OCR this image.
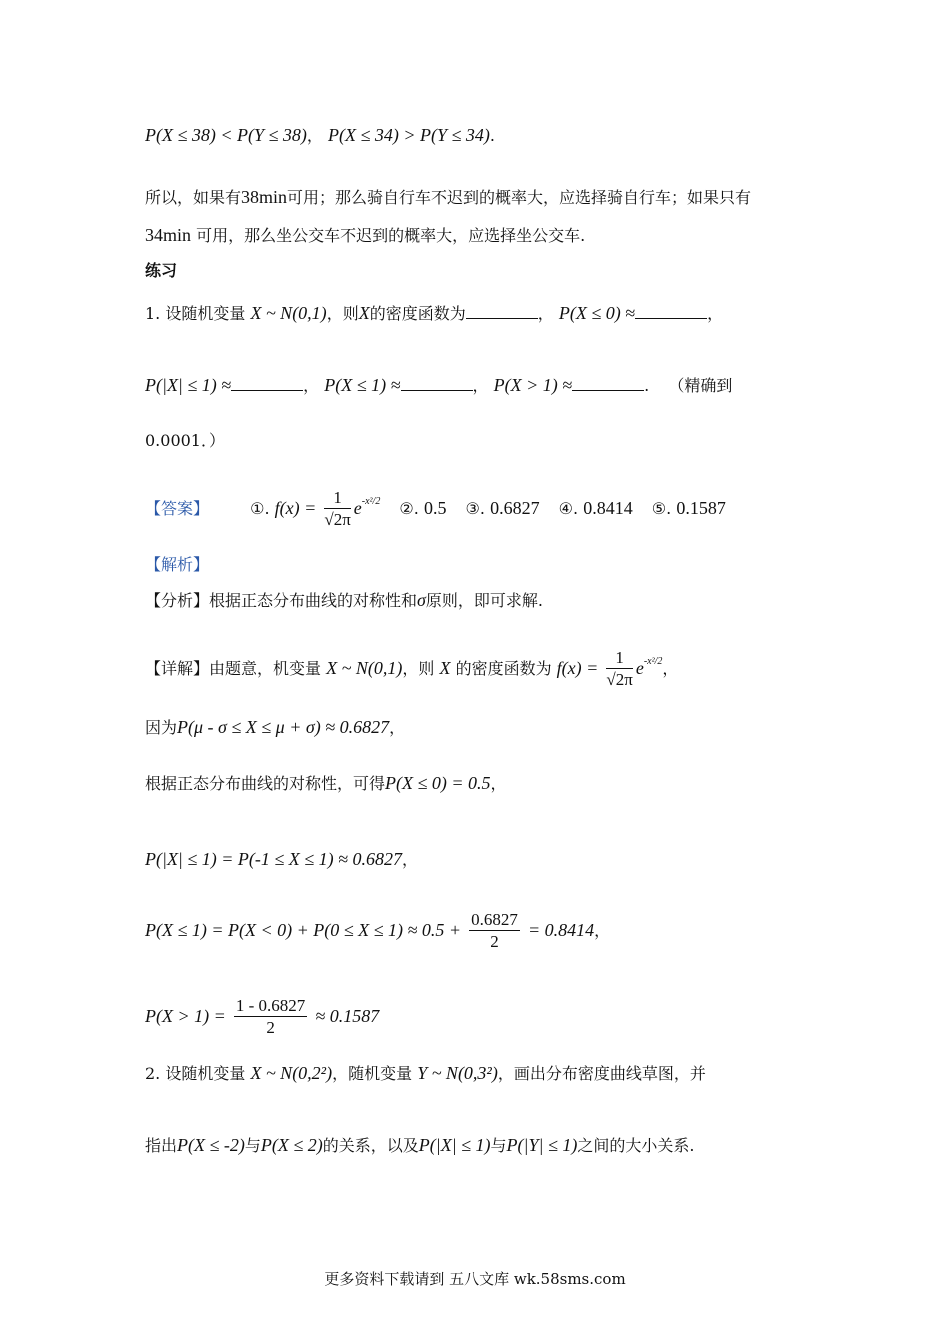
P(X ≤ 38) < P(Y ≤ 38)， P(X ≤ 34) > P(Y ≤ 34).
所以，如果有38min可用；那么骑自行车不迟到的概率大，应选择骑自行车；如果只有
34min 可用，那么坐公交车不迟到的概率大，应选择坐公交车.
练习
1. 设随机变量 X ~ N(0,1)，则X的密度函数为	， P(X ≤ 0) ≈	，
P(|X| ≤ 1) ≈	， P(X ≤ 1) ≈	， P(X > 1) ≈	. （精确到
0.0001．）
【答案】	①. $f(x) = \frac{1}{√2\pi} e^{-x^2/2}$ ②. 0.5 ③. 0.6827 ④. 0.8414 ⑤. 0.1587
【解析】
【分析】根据正态分布曲线的对称性和σ原则，即可求解.
【详解】由题意，机变量 X ~ N(0,1)，则 X 的密度函数为 $f(x) = \frac{1}{√2\pi} e^{-x^2/2}$，
因为P(μ - σ ≤ X ≤ μ + σ) ≈ 0.6827，
根据正态分布曲线的对称性，可得P(X ≤ 0) = 0.5，
P(|X| ≤ 1) = P(-1 ≤ X ≤ 1) ≈ 0.6827，
$P(X \le 1) = P(X < 0) + P(0 \le X \le 1) \approx 0.5 + \frac{0.6827}{2} = 0.8414$，
$P(X > 1) = \frac{1 - 0.6827}{2} \approx 0.1587$
2. 设随机变量 X ~ N(0,2²)，随机变量 Y ~ N(0,3²)，画出分布密度曲线草图，并
指出P(X ≤ -2)与P(X ≤ 2)的关系，以及P(|X| ≤ 1)与P(|Y| ≤ 1)之间的大小关系.
更多资料下载请到 五八文库 wk.58sms.com
